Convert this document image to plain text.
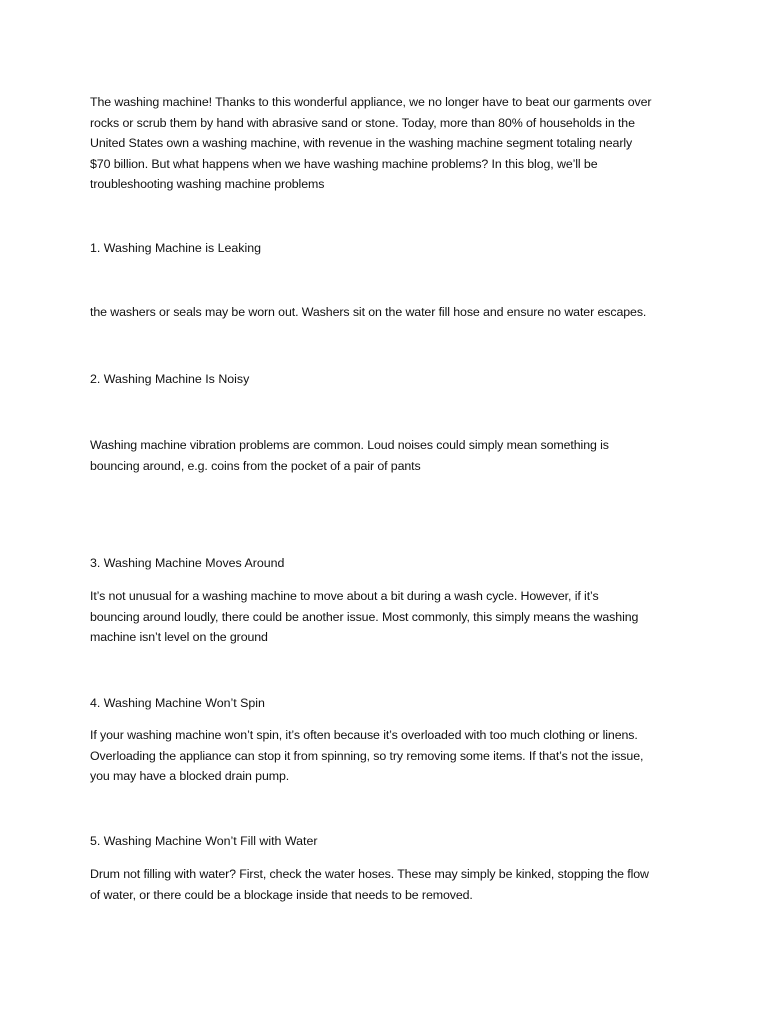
The washing machine! Thanks to this wonderful appliance, we no longer have to beat our garments over
rocks or scrub them by hand with abrasive sand or stone. Today, more than 80% of households in the
United States own a washing machine, with revenue in the washing machine segment totaling nearly
$70 billion. But what happens when we have washing machine problems? In this blog, we’ll be
troubleshooting washing machine problems

1. Washing Machine is Leaking

the washers or seals may be worn out. Washers sit on the water fill hose and ensure no water escapes.

2. Washing Machine Is Noisy

Washing machine vibration problems are common. Loud noises could simply mean something is
bouncing around, e.g. coins from the pocket of a pair of pants

3. Washing Machine Moves Around

It’s not unusual for a washing machine to move about a bit during a wash cycle. However, if it’s
bouncing around loudly, there could be another issue. Most commonly, this simply means the washing
machine isn’t level on the ground

4. Washing Machine Won’t Spin

If your washing machine won’t spin, it’s often because it’s overloaded with too much clothing or linens.
Overloading the appliance can stop it from spinning, so try removing some items. If that’s not the issue,
you may have a blocked drain pump.

5. Washing Machine Won’t Fill with Water

Drum not filling with water? First, check the water hoses. These may simply be kinked, stopping the flow
of water, or there could be a blockage inside that needs to be removed.
